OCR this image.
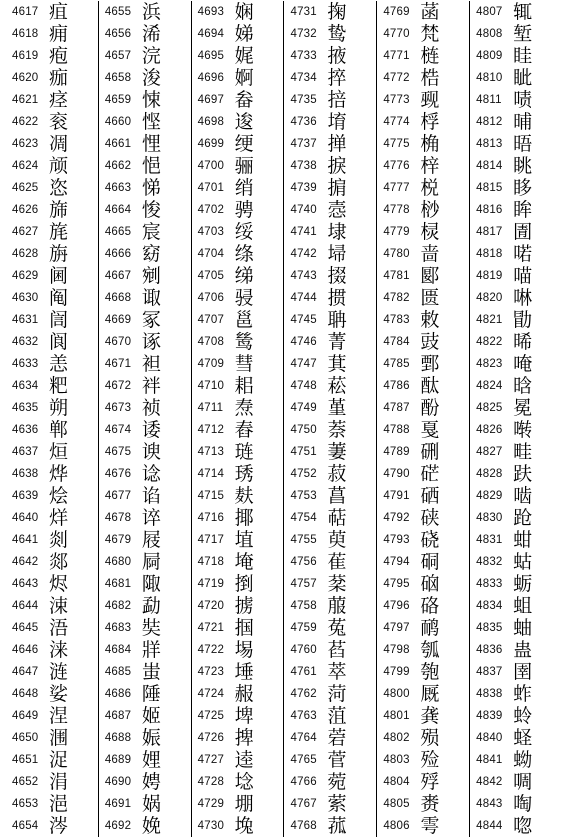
4617 疽
4618 痈
4619 疱
4620 痂
4621 痉
4622 衮
4623 凋
4624 颃
4625 恣
4626 旆
4627 旄
4628 旃
4629 阃
4630 阄
4631 訚
4632 阆
4633 恙
4634 粑
4635 朔
4636 郸
4637 烜
4638 烨
4639 烩
4640 烊
4641 剡
4642 郯
4643 烬
4644 涑
4645 浯
4646 涞
4647 涟
4648 娑
4649 涅
4650 涠
4651 浞
4652 涓
4653 浥
4654 涔
4655 浜
4656 浠
4657 浣
4658 浚
4659 悚
4660 悭
4661 悝
4662 悒
4663 悌
4664 悛
4665 宸
4666 窈
4667 剜
4668 诹
4669 冢
4670 诼
4671 袒
4672 袢
4673 祯
4674 诿
4675 谀
4676 谂
4677 谄
4678 谇
4679 屐
4680 屙
4681 陬
4682 勐
4683 奘
4684 牂
4685 蚩
4686 陲
4687 姬
4688 娠
4689 娌
4690 娉
4691 娲
4692 娩
4693 娴
4694 娣
4695 娓
4696 婀
4697 畚
4698 逡
4699 绠
4700 骊
4701 绡
4702 骋
4703 绥
4704 绦
4705 绨
4706 骎
4707 邕
4708 鸶
4709 彗
4710 耜
4711 焘
4712 舂
4713 琏
4714 琇
4715 麸
4716 揶
4717 埴
4718 埯
4719 捯
4720 掳
4721 掴
4722 埸
4723 埵
4724 赧
4725 埤
4726 捭
4727 逵
4728 埝
4729 堋
4730 堍
4731 掬
4732 鸷
4733 掖
4734 捽
4735 掊
4736 堉
4737 掸
4738 捩
4739 掮
4740 悫
4741 埭
4742 埽
4743 掇
4744 掼
4745 聃
4746 菁
4747 萁
4748 菘
4749 堇
4750 萘
4751 萋
4752 菽
4753 菖
4754 萜
4755 萸
4756 萑
4757 棻
4758 菔
4759 菟
4760 萏
4761 萃
4762 菏
4763 菹
4764 菪
4765 菅
4766 菀
4767 萦
4768 菰
4769 菡
4770 梵
4771 梿
4772 梏
4773 觋
4774 桴
4775 桷
4776 梓
4777 棁
4778 桫
4779 棂
4780 啬
4781 郾
4782 匮
4783 敕
4784 豉
4785 鄄
4786 酞
4787 酚
4788 戛
4789 硎
4790 硭
4791 硒
4792 硖
4793 硗
4794 硐
4795 硇
4796 硌
4797 鸸
4798 瓠
4799 匏
4800 厩
4801 龚
4802 殒
4803 殓
4804 殍
4805 赉
4806 雩
4807 辄
4808 堑
4809 眭
4810 眦
4811 啧
4812 晡
4813 晤
4814 眺
4815 眵
4816 眸
4817 圊
4818 喏
4819 喵
4820 啉
4821 勖
4822 晞
4823 唵
4824 晗
4825 冕
4826 啭
4827 畦
4828 趺
4829 啮
4830 跄
4831 蚶
4832 蛄
4833 蛎
4834 蛆
4835 蚰
4836 蛊
4837 圉
4838 蚱
4839 蛉
4840 蛏
4841 蚴
4842 啁
4843 啕
4844 唿
